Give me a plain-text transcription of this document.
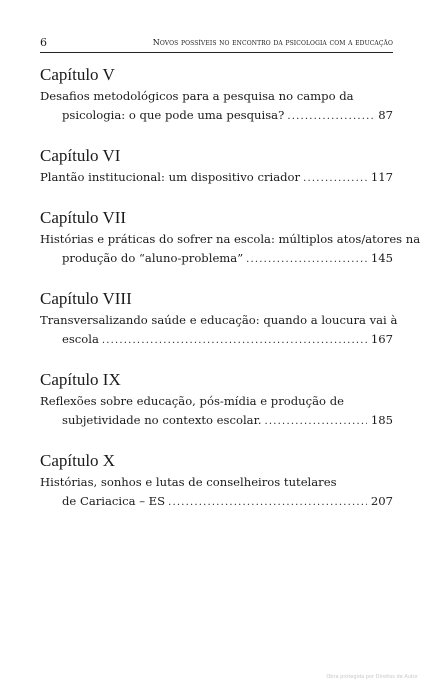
6	Novos possíveis no encontro da psicologia com a educação
Capítulo V
Desafios metodológicos para a pesquisa no campo da
psicologia: o que pode uma pesquisa? .....	87
Capítulo VI
Plantão institucional: um dispositivo criador .....	117
Capítulo VII
Histórias e práticas do sofrer na escola: múltiplos atos/atores na
produção do “aluno-problema” .....	145
Capítulo VIII
Transversalizando saúde e educação: quando a loucura vai à
escola .....	167
Capítulo IX
Reflexões sobre educação, pós-mídia e produção de
subjetividade no contexto escolar. .....	185
Capítulo X
Histórias, sonhos e lutas de conselheiros tutelares
de Cariacica – ES .....	207
Obra protegida por Direitos de Autor
